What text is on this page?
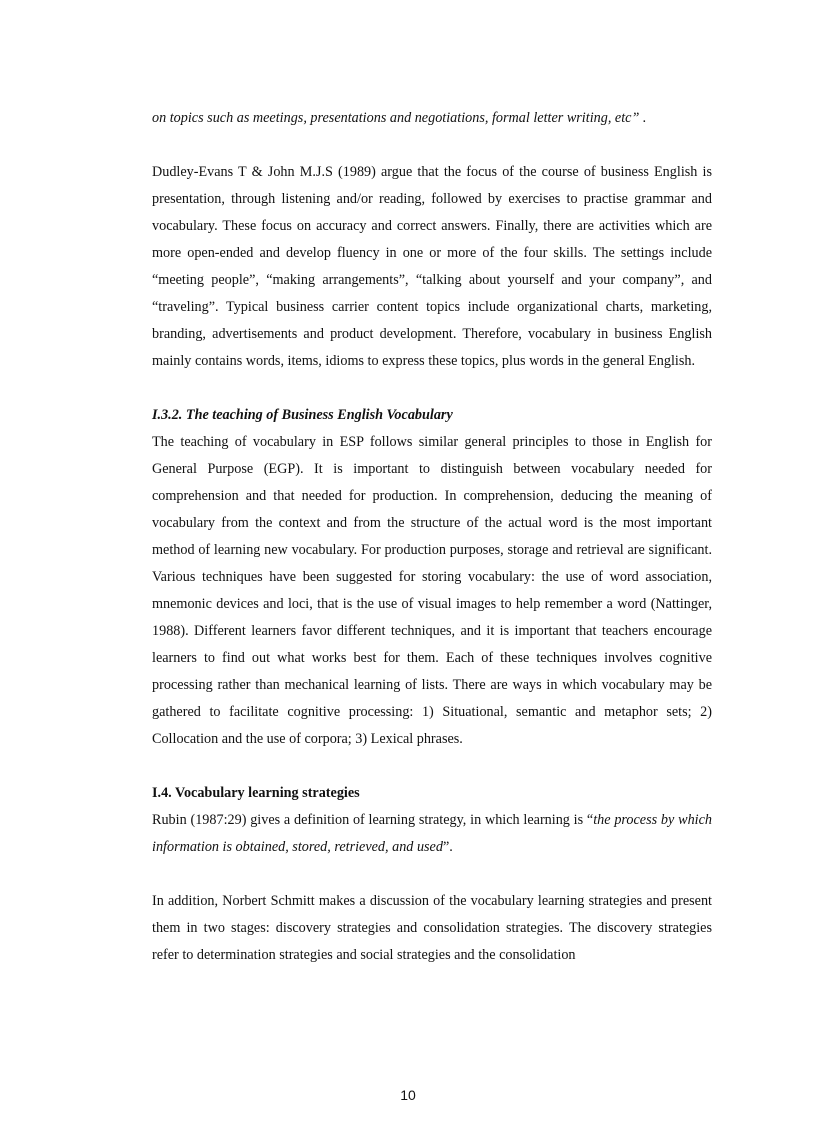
on topics such as meetings, presentations and negotiations, formal letter writing, etc” .

Dudley-Evans T & John M.J.S (1989) argue that the focus of the course of business English is presentation, through listening and/or reading, followed by exercises to practise grammar and vocabulary. These focus on accuracy and correct answers. Finally, there are activities which are more open-ended and develop fluency in one or more of the four skills. The settings include “meeting people”, “making arrangements”, “talking about yourself and your company”, and “traveling”. Typical business carrier content topics include organizational charts, marketing, branding, advertisements and product development. Therefore, vocabulary in business English mainly contains words, items, idioms to express these topics, plus words in the general English.

I.3.2. The teaching of Business English Vocabulary

The teaching of vocabulary in ESP follows similar general principles to those in English for General Purpose (EGP). It is important to distinguish between vocabulary needed for comprehension and that needed for production. In comprehension, deducing the meaning of vocabulary from the context and from the structure of the actual word is the most important method of learning new vocabulary. For production purposes, storage and retrieval are significant. Various techniques have been suggested for storing vocabulary: the use of word association, mnemonic devices and loci, that is the use of visual images to help remember a word (Nattinger, 1988). Different learners favor different techniques, and it is important that teachers encourage learners to find out what works best for them. Each of these techniques involves cognitive processing rather than mechanical learning of lists. There are ways in which vocabulary may be gathered to facilitate cognitive processing: 1) Situational, semantic and metaphor sets; 2) Collocation and the use of corpora; 3) Lexical phrases.

I.4. Vocabulary learning strategies

Rubin (1987:29) gives a definition of learning strategy, in which learning is “the process by which information is obtained, stored, retrieved, and used”.

In addition, Norbert Schmitt makes a discussion of the vocabulary learning strategies and present them in two stages: discovery strategies and consolidation strategies. The discovery strategies refer to determination strategies and social strategies and the consolidation

10
